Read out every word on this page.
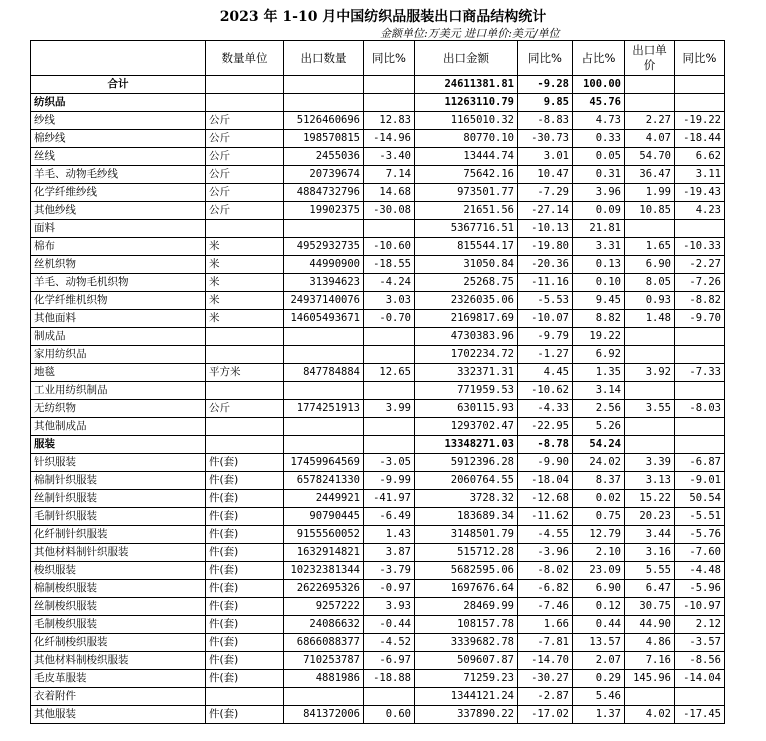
2023 年 1-10 月中国纺织品服装出口商品结构统计
金额单位:万美元 进口单价:美元/单位
	数量单位	出口数量	同比%	出口金额	同比%	占比%	出口单价	同比%
合计				24611381.81	-9.28	100.00		
纺织品				11263110.79	9.85	45.76		
纱线	公斤	5126460696	12.83	1165010.32	-8.83	4.73	2.27	-19.22
棉纱线	公斤	198570815	-14.96	80770.10	-30.73	0.33	4.07	-18.44
丝线	公斤	2455036	-3.40	13444.74	3.01	0.05	54.70	6.62
羊毛、动物毛纱线	公斤	20739674	7.14	75642.16	10.47	0.31	36.47	3.11
化学纤维纱线	公斤	4884732796	14.68	973501.77	-7.29	3.96	1.99	-19.43
其他纱线	公斤	19902375	-30.08	21651.56	-27.14	0.09	10.85	4.23
面料				5367716.51	-10.13	21.81		
棉布	米	4952932735	-10.60	815544.17	-19.80	3.31	1.65	-10.33
丝机织物	米	44990900	-18.55	31050.84	-20.36	0.13	6.90	-2.27
羊毛、动物毛机织物	米	31394623	-4.24	25268.75	-11.16	0.10	8.05	-7.26
化学纤维机织物	米	24937140076	3.03	2326035.06	-5.53	9.45	0.93	-8.82
其他面料	米	14605493671	-0.70	2169817.69	-10.07	8.82	1.48	-9.70
制成品				4730383.96	-9.79	19.22		
家用纺织品				1702234.72	-1.27	6.92		
地毯	平方米	847784884	12.65	332371.31	4.45	1.35	3.92	-7.33
工业用纺织制品				771959.53	-10.62	3.14		
无纺织物	公斤	1774251913	3.99	630115.93	-4.33	2.56	3.55	-8.03
其他制成品				1293702.47	-22.95	5.26		
服装				13348271.03	-8.78	54.24		
针织服装	件(套)	17459964569	-3.05	5912396.28	-9.90	24.02	3.39	-6.87
棉制针织服装	件(套)	6578241330	-9.99	2060764.55	-18.04	8.37	3.13	-9.01
丝制针织服装	件(套)	2449921	-41.97	3728.32	-12.68	0.02	15.22	50.54
毛制针织服装	件(套)	90790445	-6.49	183689.34	-11.62	0.75	20.23	-5.51
化纤制针织服装	件(套)	9155560052	1.43	3148501.79	-4.55	12.79	3.44	-5.76
其他材料制针织服装	件(套)	1632914821	3.87	515712.28	-3.96	2.10	3.16	-7.60
梭织服装	件(套)	10232381344	-3.79	5682595.06	-8.02	23.09	5.55	-4.48
棉制梭织服装	件(套)	2622695326	-0.97	1697676.64	-6.82	6.90	6.47	-5.96
丝制梭织服装	件(套)	9257222	3.93	28469.99	-7.46	0.12	30.75	-10.97
毛制梭织服装	件(套)	24086632	-0.44	108157.78	1.66	0.44	44.90	2.12
化纤制梭织服装	件(套)	6866088377	-4.52	3339682.78	-7.81	13.57	4.86	-3.57
其他材料制梭织服装	件(套)	710253787	-6.97	509607.87	-14.70	2.07	7.16	-8.56
毛皮革服装	件(套)	4881986	-18.88	71259.23	-30.27	0.29	145.96	-14.04
衣着附件				1344121.24	-2.87	5.46		
其他服装	件(套)	841372006	0.60	337890.22	-17.02	1.37	4.02	-17.45
